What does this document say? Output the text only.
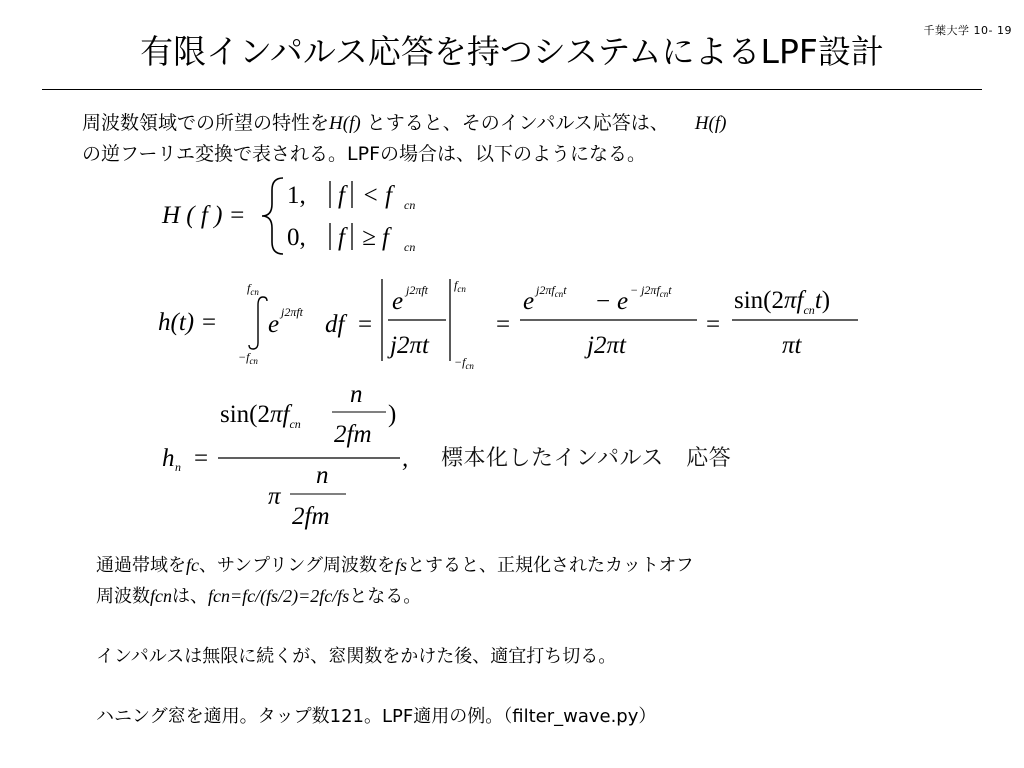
千葉大学 10- 19
有限インパルス応答を持つシステムによるLPF設計
周波数領域での所望の特性をH(f) とすると、そのインパルス応答は、 H(f)
の逆フーリエ変換で表される。LPFの場合は、以下のようになる。
H ( f ) =
1, f < f cn
0, f ≥ f cn
h(t) =
$f_{cn}$
$-f_{cn}$
e j2πft df =
e j2πft
j2πt
$f_{cn}$
$-f_{cn}$
=
e $j2\pi f_{cn}t - e - j2\pi f_{cn}t$
j2πt
=
$\sin(2\pi f_{cn}t)$
πt
h n =
$\sin(2\pi f_{cn}$
n
2fm
)
,
π
n
2fm
標本化したインパルス　応答

通過帯域をfc、サンプリング周波数をfsとすると、正規化されたカットオフ

周波数fcnは、fcn=fc/(fs/2)=2fc/fsとなる。

インパルスは無限に続くが、窓関数をかけた後、適宜打ち切る。

ハニング窓を適用。タップ数121。LPF適用の例。（filter_wave.py）
